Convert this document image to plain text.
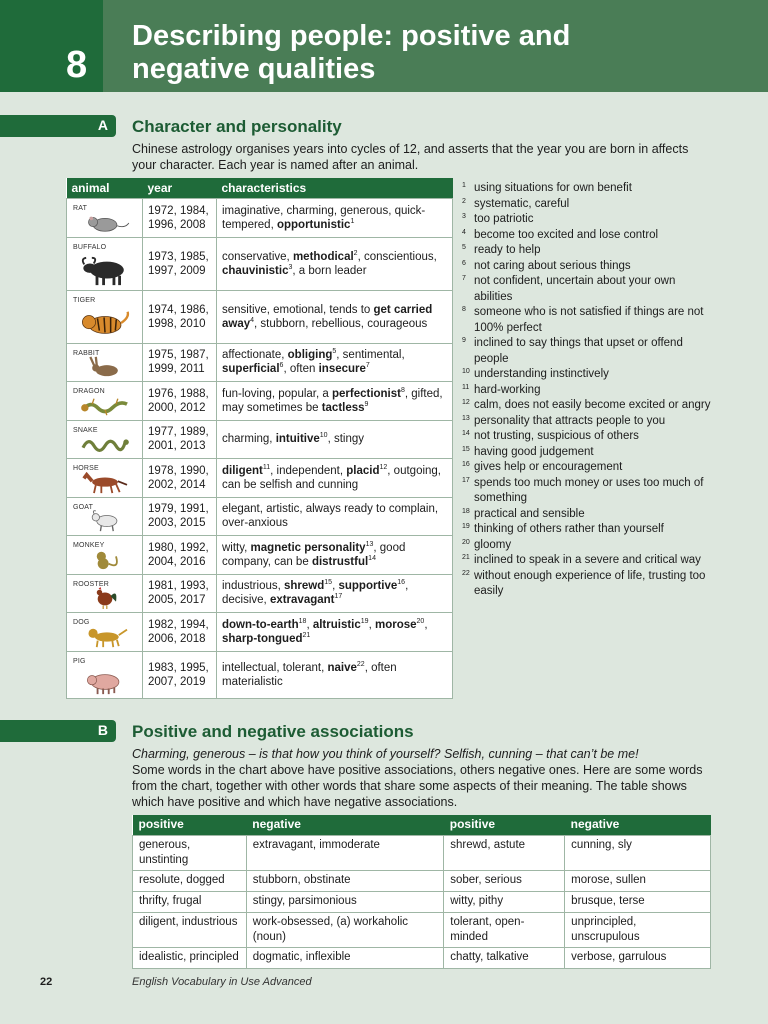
8
Describing people: positive and negative qualities
A Character and personality
Chinese astrology organises years into cycles of 12, and asserts that the year you are born in affects your character. Each year is named after an animal.
animal	year	characteristics

RAT	1972, 1984,
1996, 2008	imaginative, charming, generous, quick-tempered, opportunistic$^1$

BUFFALO	1973, 1985,
1997, 2009	conservative, methodical$^2$, conscientious, chauvinistic$^3$, a born leader

TIGER	1974, 1986,
1998, 2010	sensitive, emotional, tends to get carried away$^4$, stubborn, rebellious, courageous

RABBIT	1975, 1987,
1999, 2011	affectionate, obliging$^5$, sentimental, superficial$^6$, often insecure$^7$

DRAGON	1976, 1988,
2000, 2012	fun-loving, popular, a perfectionist$^8$, gifted, may sometimes be tactless$^9$

SNAKE	1977, 1989,
2001, 2013	charming, intuitive$^{10}$, stingy

HORSE	1978, 1990,
2002, 2014	diligent$^{11}$, independent, placid$^{12}$, outgoing, can be selfish and cunning

GOAT	1979, 1991,
2003, 2015	elegant, artistic, always ready to complain, over-anxious

MONKEY	1980, 1992,
2004, 2016	witty, magnetic personality$^{13}$, good company, can be distrustful$^{14}$

ROOSTER	1981, 1993,
2005, 2017	industrious, shrewd$^{15}$, supportive$^{16}$, decisive, extravagant$^{17}$

DOG	1982, 1994,
2006, 2018	down-to-earth$^{18}$, altruistic$^{19}$, morose$^{20}$, sharp-tongued$^{21}$

PIG	1983, 1995,
2007, 2019	intellectual, tolerant, naive$^{22}$, often materialistic
1 using situations for own benefit
2 systematic, careful
3 too patriotic
4 become too excited and lose control
5 ready to help
6 not caring about serious things
7 not confident, uncertain about your own abilities
8 someone who is not satisfied if things are not 100% perfect
9 inclined to say things that upset or offend people
10 understanding instinctively
11 hard-working
12 calm, does not easily become excited or angry
13 personality that attracts people to you
14 not trusting, suspicious of others
15 having good judgement
16 gives help or encouragement
17 spends too much money or uses too much of something
18 practical and sensible
19 thinking of others rather than yourself
20 gloomy
21 inclined to speak in a severe and critical way
22 without enough experience of life, trusting too easily
B Positive and negative associations
Charming, generous – is that how you think of yourself? Selfish, cunning – that can’t be me!
Some words in the chart above have positive associations, others negative ones. Here are some words from the chart, together with other words that share some aspects of their meaning. The table shows which have positive and which have negative associations.
positive	negative	positive	negative
generous, unstinting	extravagant, immoderate	shrewd, astute	cunning, sly
resolute, dogged	stubborn, obstinate	sober, serious	morose, sullen
thrifty, frugal	stingy, parsimonious	witty, pithy	brusque, terse
diligent, industrious	work-obsessed, (a) workaholic (noun)	tolerant, open-minded	unprincipled, unscrupulous
idealistic, principled	dogmatic, inflexible	chatty, talkative	verbose, garrulous
22	English Vocabulary in Use Advanced
